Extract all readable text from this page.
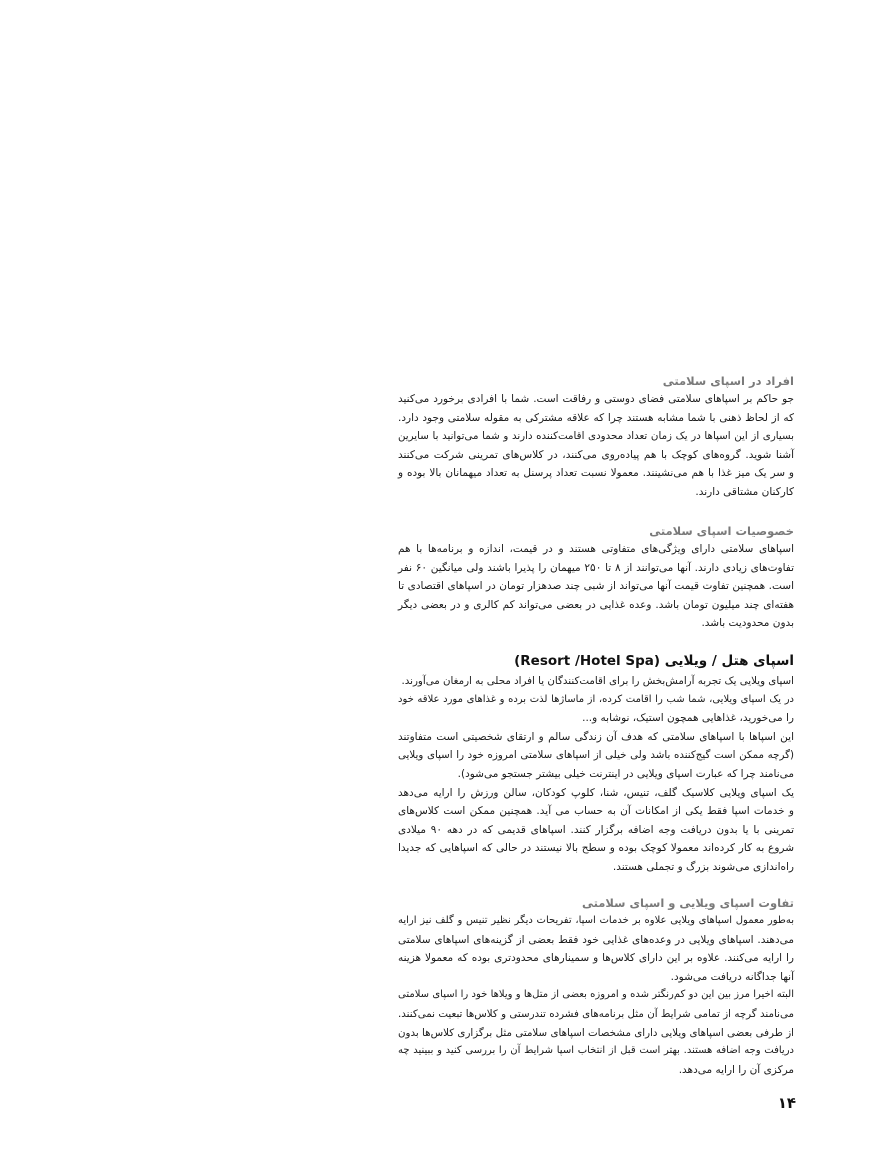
افراد در اسپای سلامتی
جو حاکم بر اسپاهای سلامتی فضای دوستی و رفاقت است. شما با افرادی برخورد می‌کنید
که از لحاظ ذهنی با شما مشابه هستند چرا که علاقه مشترکی به مقوله سلامتی وجود دارد.
بسیاری از این اسپاها در یک زمان تعداد محدودی اقامت‌کننده دارند و شما می‌توانید با سایرین
آشنا شوید. گروه‌های کوچک با هم پیاده‌روی می‌کنند، در کلاس‌های تمرینی شرکت می‌کنند
و سر یک میز غذا با هم می‌نشینند. معمولا نسبت تعداد پرسنل به تعداد میهمانان بالا بوده و
کارکنان مشتاقی دارند.
خصوصیات اسپای سلامتی
اسپاهای سلامتی دارای ویژگی‌های متفاوتی هستند و در قیمت، اندازه و برنامه‌ها با هم
تفاوت‌های زیادی دارند. آنها می‌توانند از ۸ تا ۲۵۰ میهمان را پذیرا باشند ولی میانگین ۶۰ نفر
است. همچنین تفاوت قیمت آنها می‌تواند از شبی چند صدهزار تومان در اسپاهای اقتصادی تا
هفته‌ای چند میلیون تومان باشد. وعده غذایی در بعضی می‌تواند کم کالری و در بعضی دیگر
بدون محدودیت باشد.
اسپای هتل / ویلایی (Resort /Hotel Spa)
اسپای ویلایی یک تجربه آرامش‌بخش را برای اقامت‌کنندگان یا افراد محلی به ارمغان می‌آورند.
در یک اسپای ویلایی، شما شب را اقامت کرده، از ماساژها لذت برده و غذاهای مورد علاقه خود
را می‌خورید، غذاهایی همچون استیک، نوشابه و...
این اسپاها با اسپاهای سلامتی که هدف آن زندگی سالم و ارتقای شخصیتی است متفاوتند
(گرچه ممکن است گیج‌کننده باشد ولی خیلی از اسپاهای سلامتی امروزه خود را اسپای ویلایی
می‌نامند چرا که عبارت اسپای ویلایی در اینترنت خیلی بیشتر جستجو می‌شود).
یک اسپای ویلایی کلاسیک گلف، تنیس، شنا، کلوپ کودکان، سالن ورزش را ارایه می‌دهد
و خدمات اسپا فقط یکی از امکانات آن به حساب می آید. همچنین ممکن است کلاس‌های
تمرینی با یا بدون دریافت وجه اضافه برگزار کنند. اسپاهای قدیمی که در دهه ۹۰ میلادی
شروع به کار کرده‌اند معمولا کوچک بوده و سطح بالا نیستند در حالی که اسپاهایی که جدیدا
راه‌اندازی می‌شوند بزرگ و تجملی هستند.
تفاوت اسپای ویلایی و اسپای سلامتی
به‌طور معمول اسپاهای ویلایی علاوه بر خدمات اسپا، تفریحات دیگر نظیر تنیس و گلف نیز ارایه
می‌دهند. اسپاهای ویلایی در وعده‌های غذایی خود فقط بعضی از گزینه‌های اسپاهای سلامتی
را ارایه می‌کنند. علاوه بر این دارای کلاس‌ها و سمینارهای محدودتری بوده که معمولا هزینه
آنها جداگانه دریافت می‌شود.
البته اخیرا مرز بین این دو کم‌رنگتر شده و امروزه بعضی از متل‌ها و ویلاها خود را اسپای سلامتی
می‌نامند گرچه از تمامی شرایط آن مثل برنامه‌های فشرده تندرستی و کلاس‌ها تبعیت نمی‌کنند.
از طرفی بعضی اسپاهای ویلایی دارای مشخصات اسپاهای سلامتی مثل برگزاری کلاس‌ها بدون
دریافت وجه اضافه هستند. بهتر است قبل از انتخاب اسپا شرایط آن را بررسی کنید و ببینید چه
مرکزی آن را ارایه می‌دهد.
۱۴
